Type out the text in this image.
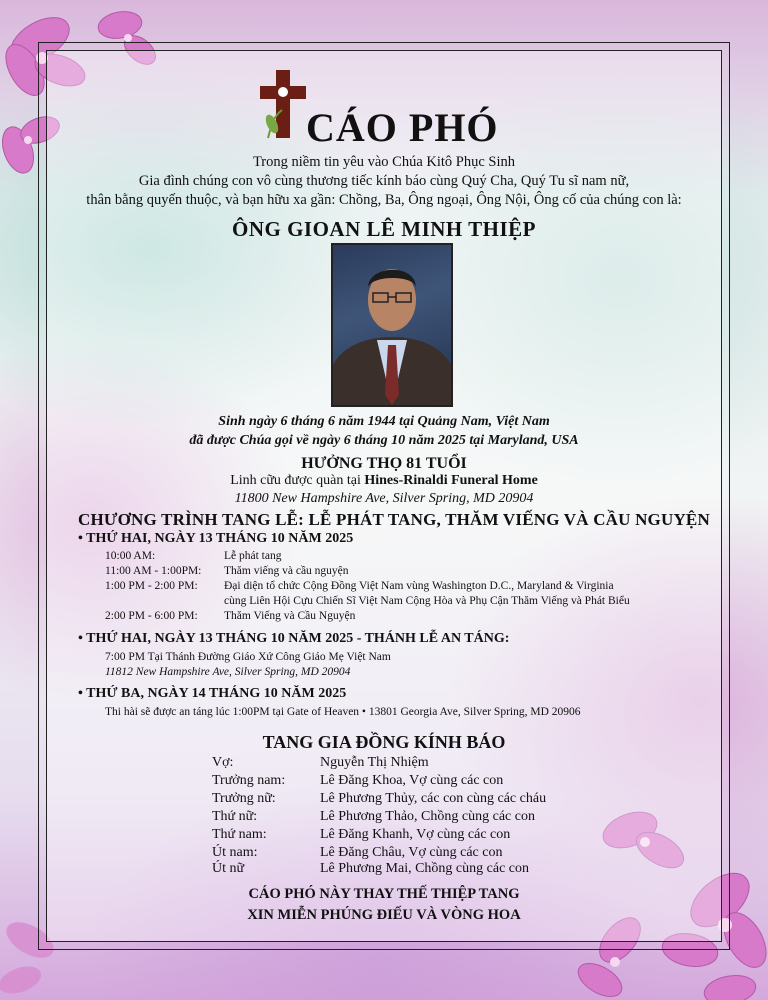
CÁO PHÓ
Trong niềm tin yêu vào Chúa Kitô Phục Sinh
Gia đình chúng con vô cùng thương tiếc kính báo cùng Quý Cha, Quý Tu sĩ nam nữ,
thân bằng quyến thuộc, và bạn hữu xa gần: Chồng, Ba, Ông ngoại, Ông Nội, Ông cố của chúng con là:
ÔNG GIOAN LÊ MINH THIỆP
Sinh ngày 6 tháng 6 năm 1944 tại Quảng Nam, Việt Nam
đã được Chúa gọi về ngày 6 tháng 10 năm 2025 tại Maryland, USA
HƯỞNG THỌ 81 TUỔI
Linh cữu được quàn tại Hines-Rinaldi Funeral Home
11800 New Hampshire Ave, Silver Spring, MD 20904
CHƯƠNG TRÌNH TANG LỄ: LỄ PHÁT TANG, THĂM VIẾNG VÀ CẦU NGUYỆN
• THỨ HAI, NGÀY 13 THÁNG 10 NĂM 2025
10:00 AM:	Lễ phát tang
11:00 AM - 1:00PM: Thăm viếng và cầu nguyện
1:00 PM - 2:00 PM: Đại diện tổ chức Cộng Đồng Việt Nam vùng Washington D.C., Maryland & Virginia
cùng Liên Hội Cựu Chiến Sĩ Việt Nam Cộng Hòa và Phụ Cận Thăm Viếng và Phát Biểu
2:00 PM - 6:00 PM: Thăm Viếng và Cầu Nguyện
• THỨ HAI, NGÀY 13 THÁNG 10 NĂM 2025 - THÁNH LỄ AN TÁNG:
7:00 PM Tại Thánh Đường Giáo Xứ Công Giáo Mẹ Việt Nam
11812 New Hampshire Ave, Silver Spring, MD 20904
• THỨ BA, NGÀY 14 THÁNG 10 NĂM 2025
Thi hài sẽ được an táng lúc 1:00PM tại Gate of Heaven • 13801 Georgia Ave, Silver Spring, MD 20906
TANG GIA ĐỒNG KÍNH BÁO
Vợ:	Nguyễn Thị Nhiệm
Trưởng nam: Lê Đăng Khoa, Vợ cùng các con
Trưởng nữ:	Lê Phương Thủy, các con cùng các cháu
Thứ nữ:	Lê Phương Thảo, Chồng cùng các con
Thứ nam:	Lê Đăng Khanh, Vợ cùng các con
Út nam:	Lê Đăng Châu, Vợ cùng các con
Út nữ	Lê Phương Mai, Chồng cùng các con
CÁO PHÓ NÀY THAY THẾ THIỆP TANG
XIN MIỄN PHÚNG ĐIẾU VÀ VÒNG HOA
